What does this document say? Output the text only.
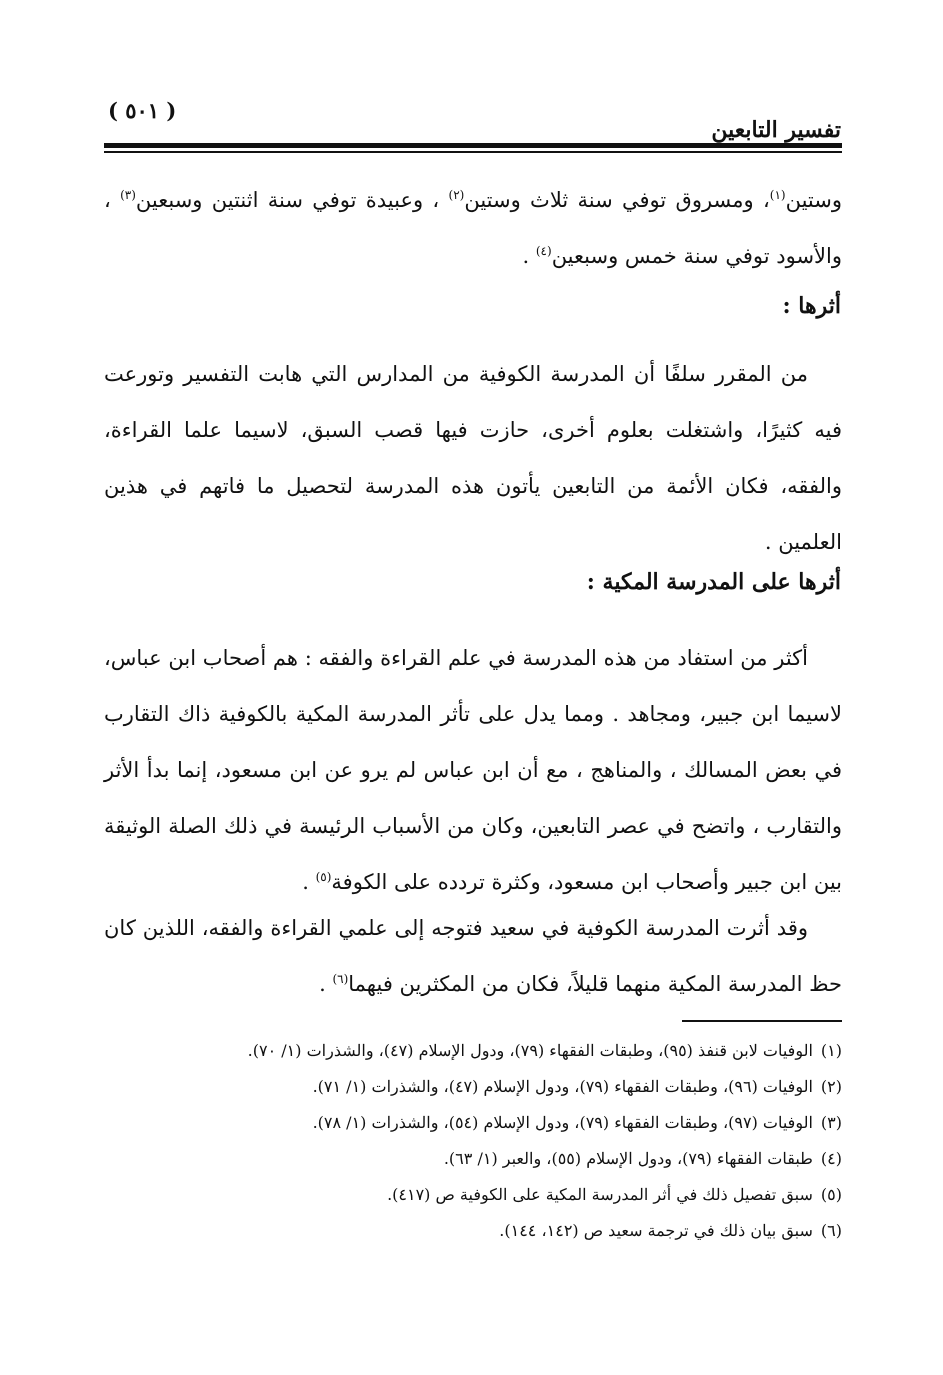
( ٥٠١ )
تفسير التابعين
وستين$^{(١)}$، ومسروق توفي سنة ثلاث وستين$^{(٢)}$ ، وعبيدة توفي سنة اثنتين وسبعين$^{(٣)}$ ، والأسود توفي سنة خمس وسبعين$^{(٤)}$ .
أثرها :
من المقرر سلفًا أن المدرسة الكوفية من المدارس التي هابت التفسير وتورعت فيه كثيرًا، واشتغلت بعلوم أخرى، حازت فيها قصب السبق، لاسيما علما القراءة، والفقه، فكان الأئمة من التابعين يأتون هذه المدرسة لتحصيل ما فاتهم في هذين العلمين .
أثرها على المدرسة المكية :
أكثر من استفاد من هذه المدرسة في علم القراءة والفقه : هم أصحاب ابن عباس، لاسيما ابن جبير، ومجاهد . ومما يدل على تأثر المدرسة المكية بالكوفية ذاك التقارب في بعض المسالك ، والمناهج ، مع أن ابن عباس لم يرو عن ابن مسعود، إنما بدأ الأثر والتقارب ، واتضح في عصر التابعين، وكان من الأسباب الرئيسة في ذلك الصلة الوثيقة بين ابن جبير وأصحاب ابن مسعود، وكثرة تردده على الكوفة$^{(٥)}$ .
وقد أثرت المدرسة الكوفية في سعيد فتوجه إلى علمي القراءة والفقه، اللذين كان حظ المدرسة المكية منهما قليلاً، فكان من المكثرين فيهما$^{(٦)}$ .
(١)الوفيات لابن قنفذ (٩٥)، وطبقات الفقهاء (٧٩)، ودول الإسلام (٤٧)، والشذرات (١/ ٧٠).
(٢)الوفيات (٩٦)، وطبقات الفقهاء (٧٩)، ودول الإسلام (٤٧)، والشذرات (١/ ٧١).
(٣)الوفيات (٩٧)، وطبقات الفقهاء (٧٩)، ودول الإسلام (٥٤)، والشذرات (١/ ٧٨).
(٤)طبقات الفقهاء (٧٩)، ودول الإسلام (٥٥)، والعبر (١/ ٦٣).
(٥)سبق تفصيل ذلك في أثر المدرسة المكية على الكوفية ص (٤١٧).
(٦)سبق بيان ذلك في ترجمة سعيد ص (١٤٢، ١٤٤).
